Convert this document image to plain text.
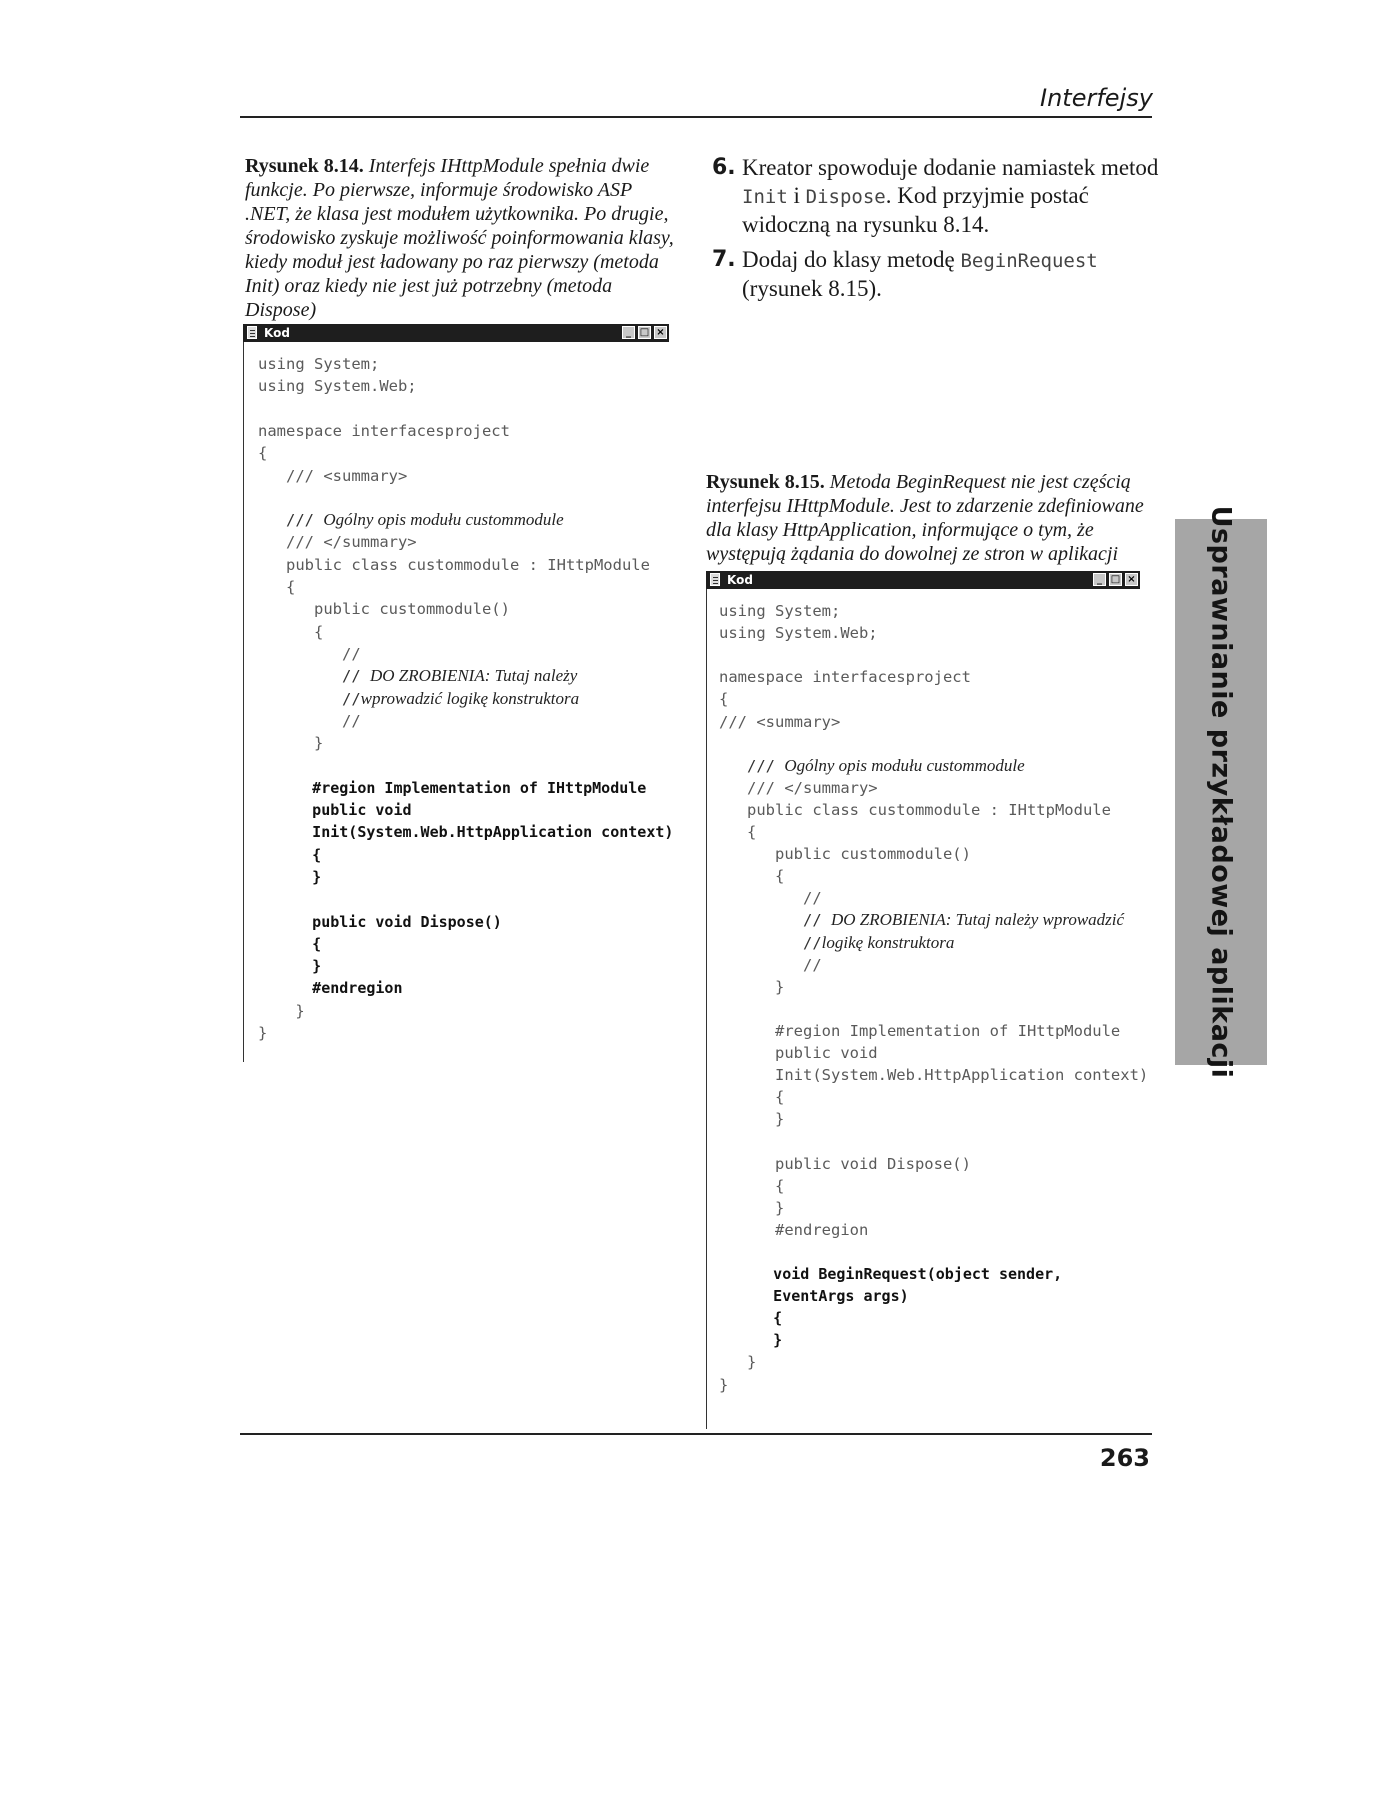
Interfejsy
Rysunek 8.14. Interfejs IHttpModule spełnia dwie funkcje. Po pierwsze, informuje środowisko ASP .NET, że klasa jest modułem użytkownika. Po drugie, środowisko zyskuje możliwość poinformowania klasy, kiedy moduł jest ładowany po raz pierwszy (metoda Init) oraz kiedy nie jest już potrzebny (metoda Dispose)
Kod	_ □ ×
using System;
using System.Web;
namespace interfacesproject
{
/// <summary>
/// Ogólny opis modułu custommodule
/// </summary>
public class custommodule : IHttpModule
{
public custommodule()
{
//
// DO ZROBIENIA: Tutaj należy
//wprowadzić logikę konstruktora
//
}
#region Implementation of IHttpModule
public void
Init(System.Web.HttpApplication context)
{
}
public void Dispose()
{
}
#endregion
}
}
6. Kreator spowoduje dodanie namiastek metod Init i Dispose. Kod przyjmie postać widoczną na rysunku 8.14.
7. Dodaj do klasy metodę BeginRequest (rysunek 8.15).
Rysunek 8.15. Metoda BeginRequest nie jest częścią interfejsu IHttpModule. Jest to zdarzenie zdefiniowane dla klasy HttpApplication, informujące o tym, że występują żądania do dowolnej ze stron w aplikacji
Kod	_ □ ×
using System;
using System.Web;
namespace interfacesproject
{
/// <summary>
/// Ogólny opis modułu custommodule
/// </summary>
public class custommodule : IHttpModule
{
public custommodule()
{
//
// DO ZROBIENIA: Tutaj należy wprowadzić
//logikę konstruktora
//
}
#region Implementation of IHttpModule
public void
Init(System.Web.HttpApplication context)
{
}
public void Dispose()
{
}
#endregion
void BeginRequest(object sender,
EventArgs args)
{
}
}
}
Usprawnianie przykładowej aplikacji
263
